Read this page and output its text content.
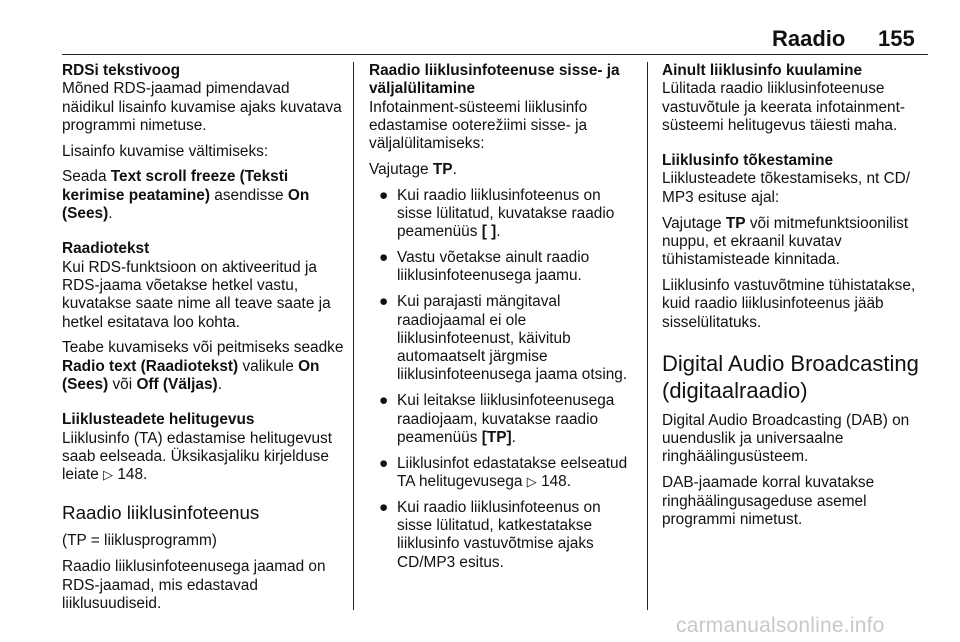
Raadio 155

RDSi tekstivoog

Mõned RDS-jaamad pimendavad näidikul lisainfo kuvamise ajaks kuvatava programmi nimetuse.

Lisainfo kuvamise vältimiseks:

Seada Text scroll freeze (Teksti kerimise peatamine) asendisse On (Sees).

Raadiotekst

Kui RDS-funktsioon on aktiveeritud ja RDS-jaama võetakse hetkel vastu, kuvatakse saate nime all teave saate ja hetkel esitatava loo kohta.

Teabe kuvamiseks või peitmiseks seadke Radio text (Raadiotekst) valikule On (Sees) või Off (Väljas).

Liiklusteadete helitugevus

Liiklusinfo (TA) edastamise helitugevust saab eelseada. Üksikasjaliku kirjelduse leiate ▷ 148.

Raadio liiklusinfoteenus

(TP = liiklusprogramm)

Raadio liiklusinfoteenusega jaamad on RDS-jaamad, mis edastavad liiklusuudiseid.

Raadio liiklusinfoteenuse sisse- ja väljalülitamine

Infotainment-süsteemi liiklusinfo edastamise ooterežiimi sisse- ja väljalülitamiseks:

Vajutage TP.

● Kui raadio liiklusinfoteenus on sisse lülitatud, kuvatakse raadio peamenüüs [ ].
● Vastu võetakse ainult raadio liiklusinfoteenusega jaamu.
● Kui parajasti mängitaval raadiojaamal ei ole liiklusinfoteenust, käivitub automaatselt järgmise liiklusinfoteenusega jaama otsing.
● Kui leitakse liiklusinfoteenusega raadiojaam, kuvatakse raadio peamenüüs [TP].
● Liiklusinfot edastatakse eelseatud TA helitugevusega ▷ 148.
● Kui raadio liiklusinfoteenus on sisse lülitatud, katkestatakse liiklusinfo vastuvõtmise ajaks CD/MP3 esitus.

Ainult liiklusinfo kuulamine

Lülitada raadio liiklusinfoteenuse vastuvõtule ja keerata infotainment-süsteemi helitugevus täiesti maha.

Liiklusinfo tõkestamine

Liiklusteadete tõkestamiseks, nt CD/ MP3 esituse ajal:

Vajutage TP või mitmefunktsioonilist nuppu, et ekraanil kuvatav tühistamisteade kinnitada.

Liiklusinfo vastuvõtmine tühistatakse, kuid raadio liiklusinfoteenus jääb sisselülitatuks.

Digital Audio Broadcasting (digitaalraadio)

Digital Audio Broadcasting (DAB) on uuenduslik ja universaalne ringhäälingusüsteem.

DAB-jaamade korral kuvatakse ringhäälingusageduse asemel programmi nimetust.

carmanualsonline.info
